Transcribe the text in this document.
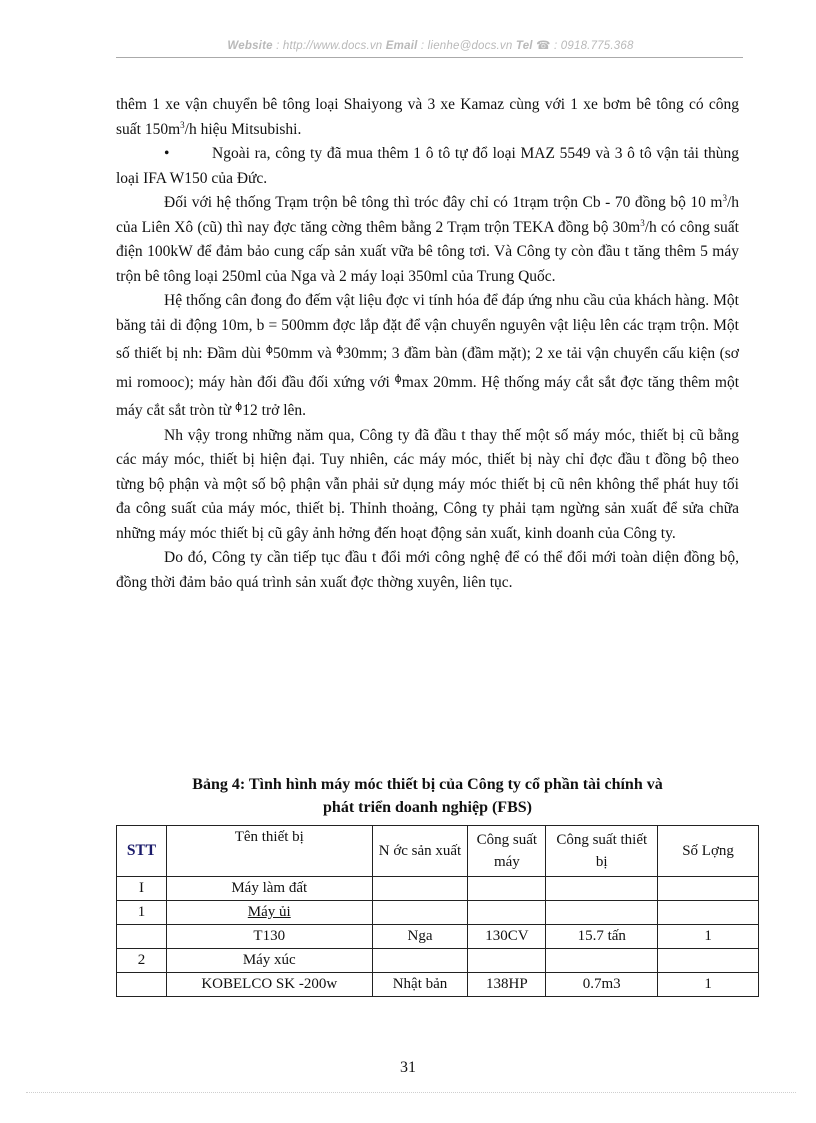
Website : http://www.docs.vn Email : lienhe@docs.vn Tel ☎ : 0918.775.368

thêm 1 xe vận chuyển bê tông loại Shaiyong và 3 xe Kamaz cùng với 1 xe bơm bê tông có công suất $150m^3/h$ hiệu Mitsubishi.

•	Ngoài ra, công ty đã mua thêm 1 ô tô tự đổ loại MAZ 5549 và 3 ô tô vận tải thùng loại IFA W150 của Đức.

Đối với hệ thống Trạm trộn bê tông thì tróc đây chỉ có 1trạm trộn Cb - 70 đồng bộ 10 $m^3/h$ của Liên Xô (cũ) thì nay đợc tăng cờng thêm bằng 2 Trạm trộn TEKA đồng bộ $30m^3/h$ có công suất điện 100kW để đảm bảo cung cấp sản xuất vữa bê tông tơi. Và Công ty còn đầu t tăng thêm 5 máy trộn bê tông loại 250ml của Nga và 2 máy loại 350ml của Trung Quốc.

Hệ thống cân đong đo đếm vật liệu đợc vi tính hóa để đáp ứng nhu cầu của khách hàng. Một băng tải di động 10m, b = 500mm đợc lắp đặt để vận chuyển nguyên vật liệu lên các trạm trộn. Một số thiết bị nh: Đầm dùi $^\phi$50mm và $^\phi$30mm; 3 đầm bàn (đầm mặt); 2 xe tải vận chuyển cấu kiện (sơ mi romooc); máy hàn đối đầu đối xứng với $^\phi$max 20mm. Hệ thống máy cắt sắt đợc tăng thêm một máy cắt sắt tròn từ $^\phi$12 trở lên.

Nh vậy trong những năm qua, Công ty đã đầu t thay thế một số máy móc, thiết bị cũ bằng các máy móc, thiết bị hiện đại. Tuy nhiên, các máy móc, thiết bị này chỉ đợc đầu t đồng bộ theo từng bộ phận và một số bộ phận vẫn phải sử dụng máy móc thiết bị cũ nên không thể phát huy tối đa công suất của máy móc, thiết bị. Thỉnh thoảng, Công ty phải tạm ngừng sản xuất để sửa chữa những máy móc thiết bị cũ gây ảnh hởng đến hoạt động sản xuất, kinh doanh của Công ty.

Do đó, Công ty cần tiếp tục đầu t đổi mới công nghệ để có thể đổi mới toàn diện đồng bộ, đồng thời đảm bảo quá trình sản xuất đợc thờng xuyên, liên tục.

Bảng 4: Tình hình máy móc thiết bị của Công ty cổ phần tài chính và
phát triển doanh nghiệp (FBS)
STT	Tên thiết bị	N ớc sản xuất	Công suất máy	Công suất thiết bị	Số Lợng
I	Máy làm đất				
1	Máy ủi				
	T130	Nga	130CV	15.7 tấn	1
2	Máy xúc				
	KOBELCO SK -200w	Nhật bản	138HP	0.7m3	1
31
